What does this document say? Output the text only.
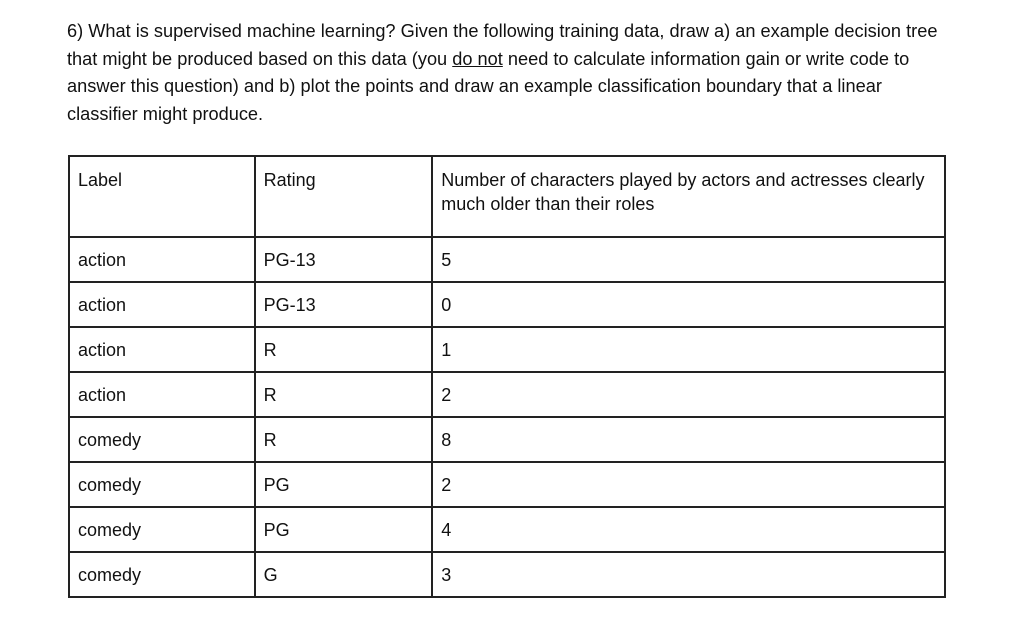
6) What is supervised machine learning? Given the following training data, draw a) an example decision tree that might be produced based on this data (you do not need to calculate information gain or write code to answer this question) and b) plot the points and draw an example classification boundary that a linear classifier might produce.

Label	Rating	Number of characters played by actors and actresses clearly much older than their roles
action	PG-13	5
action	PG-13	0
action	R	1
action	R	2
comedy	R	8
comedy	PG	2
comedy	PG	4
comedy	G	3
